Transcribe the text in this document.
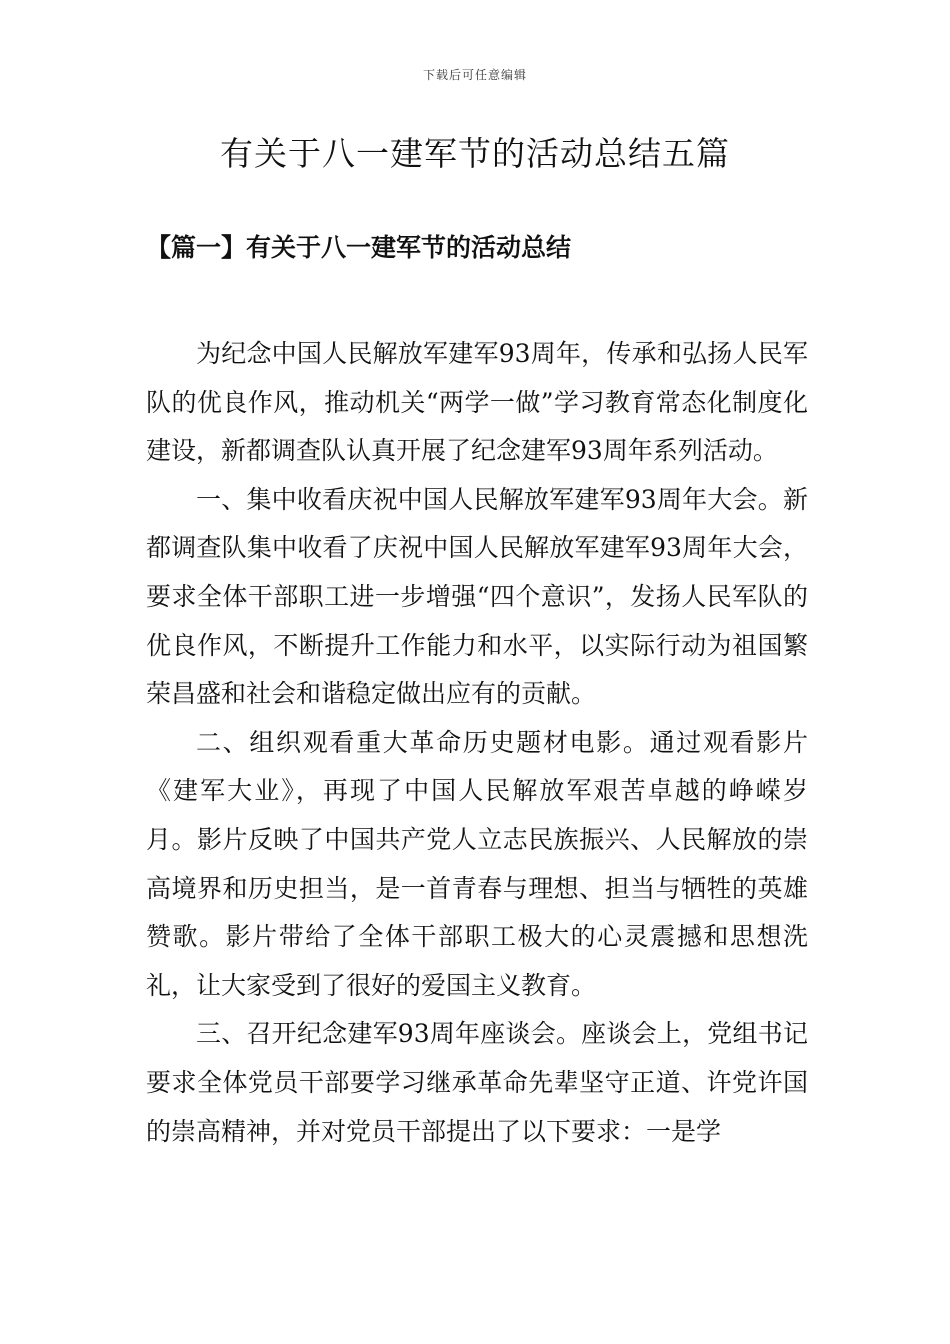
下载后可任意编辑
有关于八一建军节的活动总结五篇
【篇一】有关于八一建军节的活动总结

为纪念中国人民解放军建军93周年，传承和弘扬人民军队的优良作风，推动机关“两学一做”学习教育常态化制度化建设，新都调查队认真开展了纪念建军93周年系列活动。

一、集中收看庆祝中国人民解放军建军93周年大会。新都调查队集中收看了庆祝中国人民解放军建军93周年大会，要求全体干部职工进一步增强“四个意识”，发扬人民军队的优良作风，不断提升工作能力和水平，以实际行动为祖国繁荣昌盛和社会和谐稳定做出应有的贡献。

二、组织观看重大革命历史题材电影。通过观看影片《建军大业》，再现了中国人民解放军艰苦卓越的峥嵘岁月。影片反映了中国共产党人立志民族振兴、人民解放的崇高境界和历史担当，是一首青春与理想、担当与牺牲的英雄赞歌。影片带给了全体干部职工极大的心灵震撼和思想洗礼，让大家受到了很好的爱国主义教育。

三、召开纪念建军93周年座谈会。座谈会上，党组书记要求全体党员干部要学习继承革命先辈坚守正道、许党许国的崇高精神，并对党员干部提出了以下要求：一是学
